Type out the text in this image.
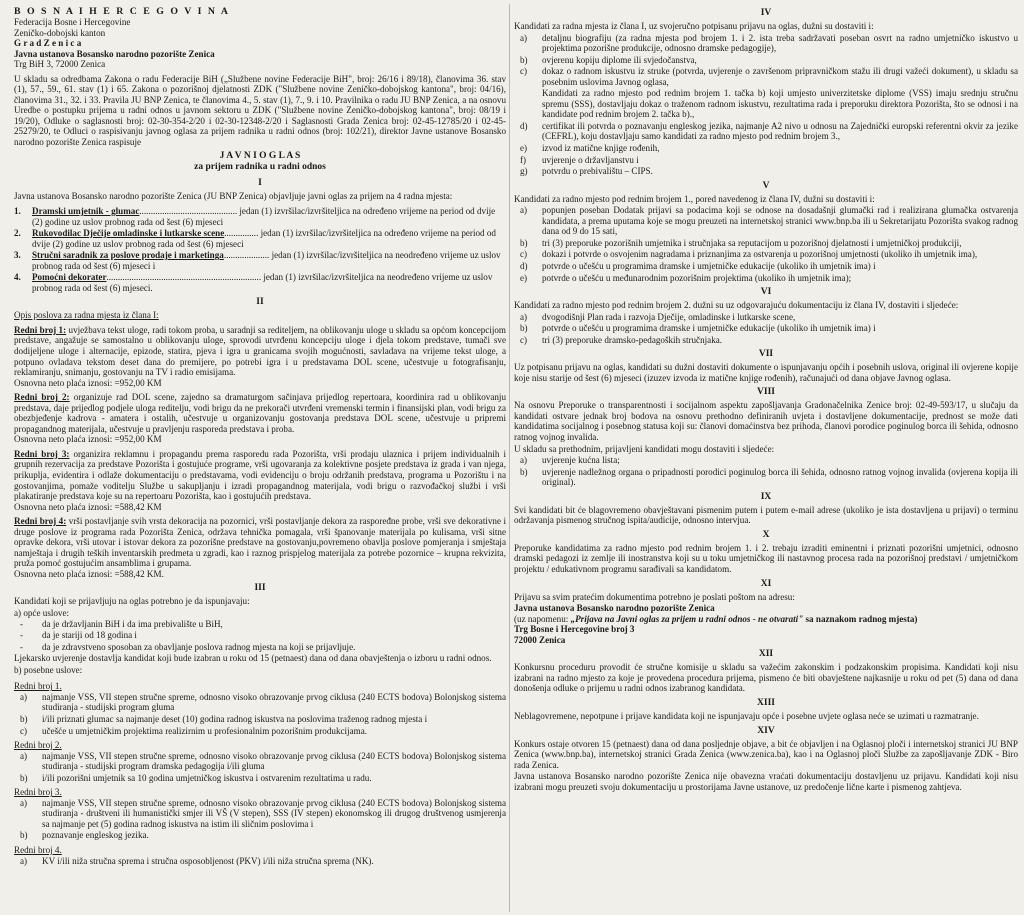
B O S N A I H E R C E G O V I N A
Federacija Bosne i Hercegovine
Zeničko-dobojski kanton
G r a d Z e n i c a
Javna ustanova Bosansko narodno pozorište Zenica
Trg BiH 3, 72000 Zenica

U skladu sa odredbama Zakona o radu Federacije BiH („Službene novine Federacije BiH", broj: 26/16 i 89/18), članovima 36. stav (1), 57., 59., 61. stav (1) i 65. Zakona o pozorišnoj djelatnosti ZDK ("Službene novine Zeničko-dobojskog kantona", broj: 04/16), članovima 31., 32. i 33. Pravila JU BNP Zenica, te članovima 4., 5. stav (1), 7., 9. i 10. Pravilnika o radu JU BNP Zenica, a na osnovu Uredbe o postupku prijema u radni odnos u javnom sektoru u ZDK ("Službene novine Zeničko-dobojskog kantona", broj: 08/19 i 19/20), Odluke o saglasnosti broj: 02-30-354-2/20 i 02-30-12348-2/20 i Saglasnosti Grada Zenica broj: 02-45-12785/20 i 02-45-25279/20, te Odluci o raspisivanju javnog oglasa za prijem radnika u radni odnos (broj: 102/21), direktor Javne ustanove Bosansko narodno pozorište Zenica raspisuje

J A V N I O G L A S
za prijem radnika u radni odnos
I

Javna ustanova Bosansko narodno pozorište Zenica (JU BNP Zenica) objavljuje javni oglas za prijem na 4 radna mjesta:

1.	Dramski umjetnik - glumac........................................... jedan (1) izvršilac/izvršiteljica na određeno vrijeme na period od dvije (2) godine uz uslov probnog rada od šest (6) mjeseci
2.	Rukovodilac Dječije omladinske i lutkarske scene............... jedan (1) izvršilac/izvršiteljica na određeno vrijeme na period od dvije (2) godine uz uslov probnog rada od šest (6) mjeseci
3.	Stručni saradnik za poslove prodaje i marketinga.................... jedan (1) izvršilac/izvršiteljica na neodređeno vrijeme uz uslov probnog rada od šest (6) mjeseci i
4.	Pomoćni dekorater.................................................................... jedan (1) izvršilac/izvršiteljica na neodređeno vrijeme uz uslov probnog rada od šest (6) mjeseci.
II

Opis poslova za radna mjesta iz člana I:

Redni broj 1: uvježbava tekst uloge, radi tokom proba, u saradnji sa rediteljem, na oblikovanju uloge u skladu sa općom koncepcijom predstave, angažuje se samostalno u oblikovanju uloge, sprovodi utvrđenu koncepciju uloge i djela tokom predstave, tumači sve dodijeljene uloge i alternacije, epizode, statira, pjeva i igra u granicama svojih mogućnosti, savladava na vrijeme tekst uloge, a potpuno ovladava tekstom deset dana do premijere, po potrebi igra i u predstavama DOL scene, učestvuje u fotografisanju, reklamiranju, snimanju, gostovanju na TV i radio emisijama.

Osnovna neto plaća iznosi: =952,00 KM

Redni broj 2: organizuje rad DOL scene, zajedno sa dramaturgom sačinjava prijedlog repertoara, koordinira rad u oblikovanju predstava, daje prijedlog podjele uloga reditelju, vodi brigu da ne prekorači utvrđeni vremenski termin i finansijski plan, vodi brigu za obezbjeđenje kadrova - amatera i ostalih, učestvuje u organizovanju gostovanja predstava DOL scene, učestvuje u pripremi propagandnog materijala, učestvuje u pravljenju rasporeda predstava i proba.

Osnovna neto plaća iznosi: =952,00 KM

Redni broj 3: organizira reklamnu i propagandu prema rasporedu rada Pozorišta, vrši prodaju ulaznica i prijem individualnih i grupnih rezervacija za predstave Pozorišta i gostujuće programe, vrši ugovaranja za kolektivne posjete predstava iz grada i van njega, prikuplja, evidentira i odlaže dokumentaciju o predstavama, vodi evidenciju o broju održanih predstava, programa u Pozorištu i na gostovanjima, pomaže voditelju Službe u sakupljanju i izradi propagandnog materijala, vodi brigu o razvođačkoj službi i vrši plakatiranje predstava koje su na repertoaru Pozorišta, kao i gostujućih predstava.

Osnovna neto plaća iznosi: =588,42 KM

Redni broj 4: vrši postavljanje svih vrsta dekoracija na pozornici, vrši postavljanje dekora za raspoređne probe, vrši sve dekorativne i druge poslove iz programa rada Pozorišta Zenica, održava tehnička pomagala, vrši španovanje materijala po kulisama, vrši sitne opravke dekora, vrši utovar i istovar dekora za pozorišne predstave na gostovanju,povremeno obavlja poslove pomjeranja i smještaja namještaja i drugih teških inventarskih predmeta u zgradi, kao i raznog prispjelog materijala za potrebe pozornice – krupna rekvizita, pruža pomoć gostujućim ansamblima i grupama.

Osnovna neto plaća iznosi: =588,42 KM.

III

Kandidati koji se prijavljuju na oglas potrebno je da ispunjavaju:

a) opće uslove:
- da je državljanin BiH i da ima prebivalište u BiH,
- da je stariji od 18 godina i
- da je zdravstveno sposoban za obavljanje poslova radnog mjesta na koji se prijavljuje.

Ljekarsko uvjerenje dostavlja kandidat koji bude izabran u roku od 15 (petnaest) dana od dana obavještenja o izboru u radni odnos.

b) posebne uslove:
Redni broj 1.
a) najmanje VSS, VII stepen stručne spreme, odnosno visoko obrazovanje prvog ciklusa (240 ECTS bodova) Bolonjskog sistema studiranja - studijski program glumа
b) i/ili priznati glumac sa najmanje deset (10) godina radnog iskustva na poslovima traženog radnog mjesta i
c) učešće u umjetničkim projektima realizirnim u profesionalnim pozorišnim produkcijama.
Redni broj 2.
a) najmanje VSS, VII stepen stručne spreme, odnosno visoko obrazovanje prvog ciklusa (240 ECTS bodova) Bolonjskog sistema studiranja - studijski program dramska pedagogija i/ili gluma
b) i/ili pozorišni umjetnik sa 10 godina umjetničkog iskustva i ostvarenim rezultatima u radu.
Redni broj 3.
a) najmanje VSS, VII stepen stručne spreme, odnosno visoko obrazovanje prvog ciklusa (240 ECTS bodova) Bolonjskog sistema studiranja - društveni ili humanistički smjer ili VŠ (V stepen), SSS (IV stepen) ekonomskog ili drugog društvenog usmjerenja sa najmanje pet (5) godina radnog iskustva na istim ili sličnim poslovima i
b) poznavanje engleskog jezika.
Redni broj 4.
a) KV i/ili niža stručna sprema i stručna osposobljenost (PKV) i/ili niža stručna sprema (NK).
IV

Kandidati za radna mjesta iz člana I, uz svojeručno potpisanu prijavu na oglas, dužni su dostaviti i:

a) detaljnu biografiju (za radna mjesta pod brojem 1. i 2. ista treba sadržavati poseban osvrt na radno umjetničko iskustvo u projektima pozorišne produkcije, odnosno dramske pedagogije),
b) ovjerenu kopiju diplome ili svjedočanstva,
c) dokaz o radnom iskustvu iz struke (potvrda, uvjerenje o završenom pripravničkom stažu ili drugi važeći dokument), u skladu sa posebnim uslovima Javnog oglasa,
Kandidati za radno mjesto pod rednim brojem 1. tačka b) koji umjesto univerzitetske diplome (VSS) imaju srednju stručnu spremu (SSS), dostavljaju dokaz o traženom radnom iskustvu, rezultatima rada i preporuku direktora Pozorišta, što se odnosi i na kandidate pod rednim brojem 2. tačka b).,
d) certifikat ili potvrda o poznavanju engleskog jezika, najmanje A2 nivo u odnosu na Zajednički europski referentni okvir za jezike (CEFRL), koju dostavljaju samo kandidati za radno mjesto pod rednim brojem 3.,
e) izvod iz matične knjige rođenih,
f) uvjerenje o državljanstvu i
g) potvrdu o prebivalištu – CIPS.
V

Kandidati za radno mjesto pod rednim brojem 1., pored navedenog iz člana IV, dužni su dostaviti i:

a) popunjen poseban Dodatak prijavi sa podacima koji se odnose na dosadašnji glumački rad i realizirana glumačka ostvarenja kandidata, a prema uputama koje se mogu preuzeti na internetskoj stranici www.bnp.ba ili u Sekretarijatu Pozorišta svakog radnog dana od 9 do 15 sati,
b) tri (3) preporuke pozorišnih umjetnika i stručnjaka sa reputacijom u pozorišnoj djelatnosti i umjetničkoj produkciji,
c) dokazi i potvrde o osvojenim nagradama i priznanjima za ostvarenja u pozorišnoj umjetnosti (ukoliko ih umjetnik ima),
d) potvrde o učešću u programima dramske i umjetničke edukacije (ukoliko ih umjetnik ima) i
e) potvrde o učešću u međunarodnim pozorišnim projektima (ukoliko ih umjetnik ima);
VI

Kandidati za radno mjesto pod rednim brojem 2. dužni su uz odgovarajuću dokumentaciju iz člana IV, dostaviti i sljedeće:

a) dvogodišnji Plan rada i razvoja Dječije, omladinske i lutkarske scene,
b) potvrde o učešću u programima dramske i umjetničke edukacije (ukoliko ih umjetnik ima) i
c) tri (3) preporuke dramsko-pedagoških stručnjaka.
VII

Uz potpisanu prijavu na oglas, kandidati su dužni dostaviti dokumente o ispunjavanju općih i posebnih uslova, original ili ovjerene kopije koje nisu starije od šest (6) mjeseci (izuzev izvoda iz matične knjige rođenih), računajući od dana objave Javnog oglasa.

VIII

Na osnovu Preporuke o transparentnosti i socijalnom aspektu zapošljavanja Gradonačelnika Zenice broj: 02-49-593/17, u slučaju da kandidati ostvare jednak broj bodova na osnovu prethodno definiranih uvjeta i dostavljene dokumentacije, prednost se može dati kandidatima socijalnog i posebnog statusa koji su: članovi domaćinstva bez prihoda, članovi porodice poginulog borca ili šehida, odnosno ratnog vojnog invalida.

U skladu sa prethodnim, prijavljeni kandidati mogu dostaviti i sljedeće:

a) uvjerenje kućna lista;
b) uvjerenje nadležnog organa o pripadnosti porodici poginulog borca ili šehida, odnosno ratnog vojnog invalida (ovjerena kopija ili original).
IX

Svi kandidati bit će blagovremeno obavještavani pismenim putem i putem e-mail adrese (ukoliko je ista dostavljena u prijavi) o terminu održavanja pismenog stručnog ispita/audicije, odnosno intervjua.

X

Preporuke kandidatima za radno mjesto pod rednim brojem 1. i 2. trebaju izraditi eminentni i priznati pozorišni umjetnici, odnosno dramski pedagozi iz zemlje ili inostranstva koji su u toku umjetničkog ili nastavnog procesa rada na pozorišnoj predstavi / umjetničkom projektu / edukativnom programu sarađivali sa kandidatom.

XI

Prijavu sa svim pratećim dokumentima potrebno je poslati poštom na adresu:

Javna ustanova Bosansko narodno pozorište Zenica
(uz napomenu: „Prijava na Javni oglas za prijem u radni odnos - ne otvarati" sa naznakom radnog mjesta)
Trg Bosne i Hercegovine broj 3
72000 Zenica
XII

Konkursnu proceduru provodit će stručne komisije u skladu sa važećim zakonskim i podzakonskim propisima. Kandidati koji nisu izabrani na radno mjesto za koje je provedena procedura prijema, pismeno će biti obavještene najkasnije u roku od pet (5) dana od dana donošenja odluke o prijemu u radni odnos izabranog kandidata.

XIII

Neblagovremene, nepotpune i prijave kandidata koji ne ispunjavaju opće i posebne uvjete oglasa neće se uzimati u razmatranje.

XIV

Konkurs ostaje otvoren 15 (petnaest) dana od dana posljednje objave, a bit će objavljen i na Oglasnoj ploči i internetskoj stranici JU BNP Zenica (www.bnp.ba), internetskoj stranici Grada Zenica (www.zenica.ba), kao i na Oglasnoj ploči Službe za zapošljavanje ZDK - Biro rada Zenica.

Javna ustanova Bosansko narodno pozorište Zenica nije obavezna vraćati dokumentaciju dostavljenu uz prijavu. Kandidati koji nisu izabrani mogu preuzeti svoju dokumentaciju u prostorijama Javne ustanove, uz predočenje lične karte i pismenog zahtjeva.
